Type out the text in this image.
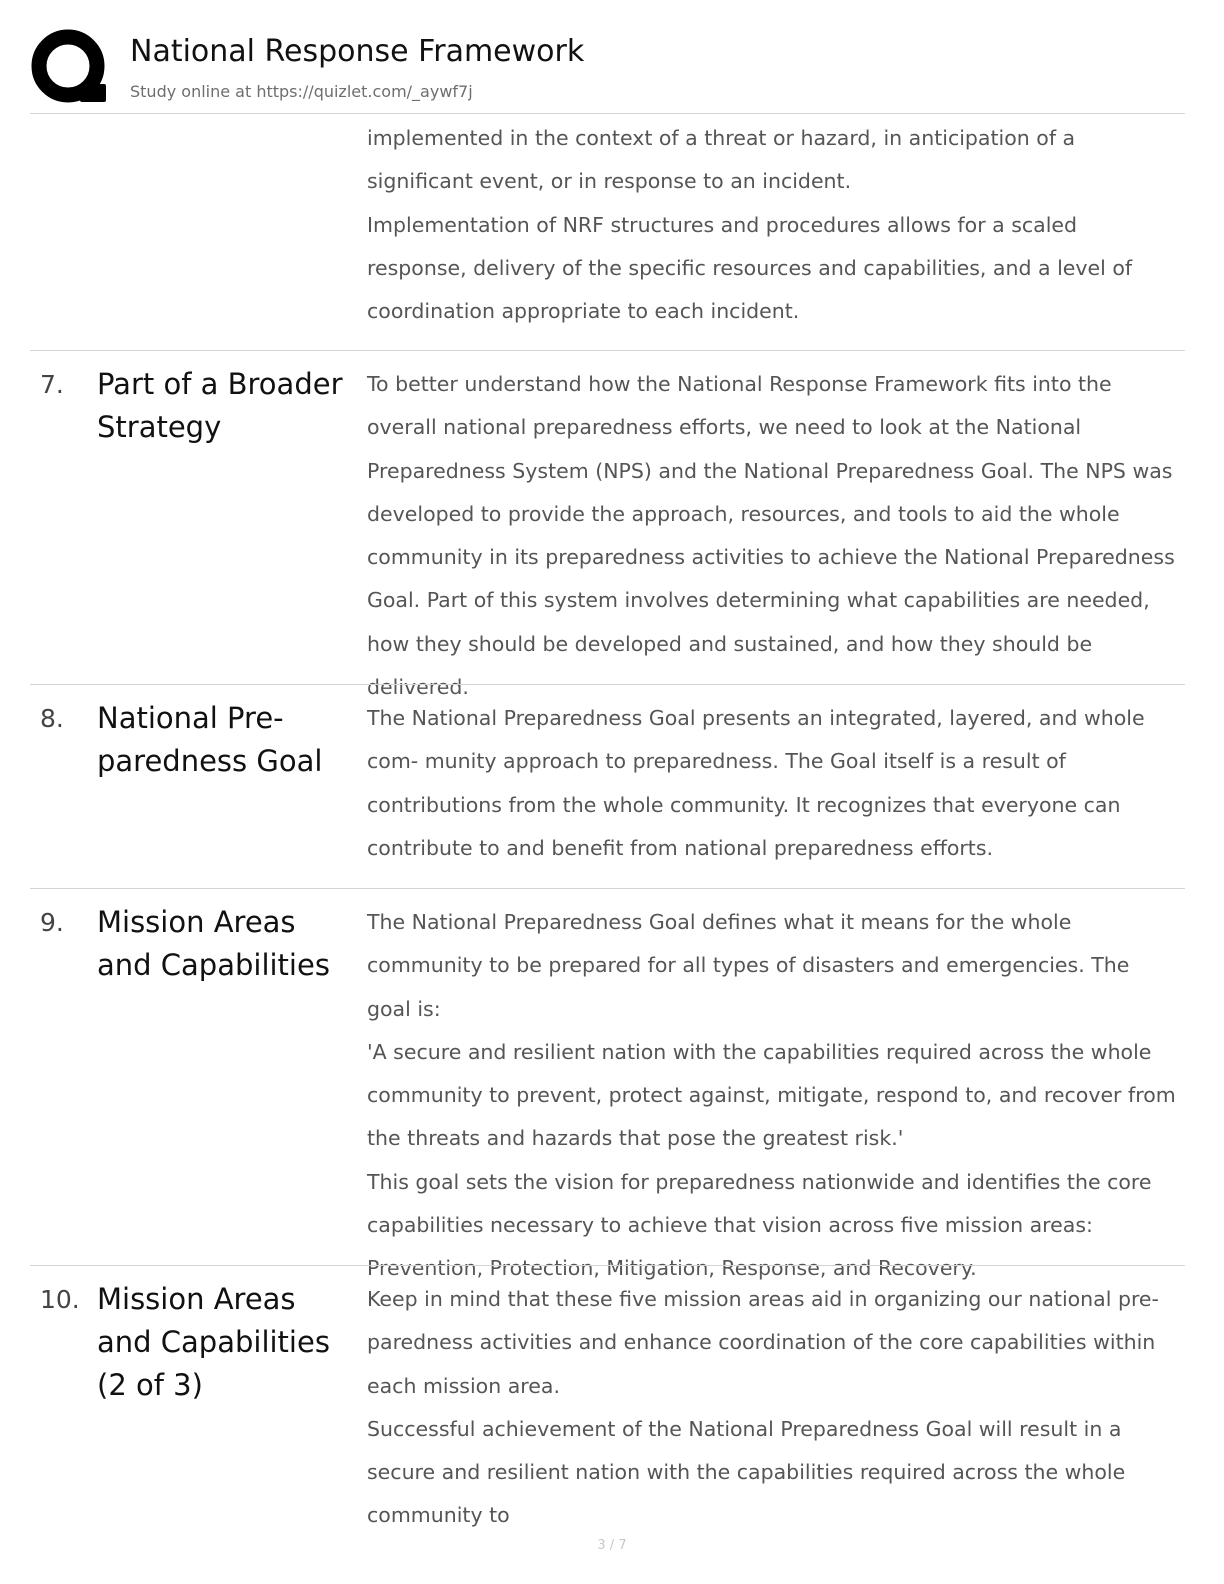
National Response Framework
Study online at https://quizlet.com/_aywf7j

implemented in the context of a threat or hazard, in anticipation of a significant event, or in response to an incident.

Implementation of NRF structures and procedures allows for a scaled response, delivery of the specific resources and capabilities, and a level of coordination appropriate to each incident.

7. Part of a Broader Strategy

To better understand how the National Response Framework fits into the overall national preparedness efforts, we need to look at the National Preparedness System (NPS) and the National Preparedness Goal. The NPS was developed to provide the approach, resources, and tools to aid the whole community in its preparedness activities to achieve the National Preparedness Goal. Part of this system involves determining what capabilities are needed, how they should be developed and sustained, and how they should be delivered.

8. National Pre- paredness Goal

The National Preparedness Goal presents an integrated, layered, and whole com- munity approach to preparedness. The Goal itself is a result of contributions from the whole community. It recognizes that everyone can contribute to and benefit from national preparedness efforts.

9. Mission Areas and Capabilities

The National Preparedness Goal defines what it means for the whole community to be prepared for all types of disasters and emergencies. The goal is:

'A secure and resilient nation with the capabilities required across the whole community to prevent, protect against, mitigate, respond to, and recover from the threats and hazards that pose the greatest risk.'

This goal sets the vision for preparedness nationwide and identifies the core capabilities necessary to achieve that vision across five mission areas: Prevention, Protection, Mitigation, Response, and Recovery.

10. Mission Areas and Capabilities (2 of 3)

Keep in mind that these five mission areas aid in organizing our national pre- paredness activities and enhance coordination of the core capabilities within each mission area.

Successful achievement of the National Preparedness Goal will result in a secure and resilient nation with the capabilities required across the whole community to

3 / 7
